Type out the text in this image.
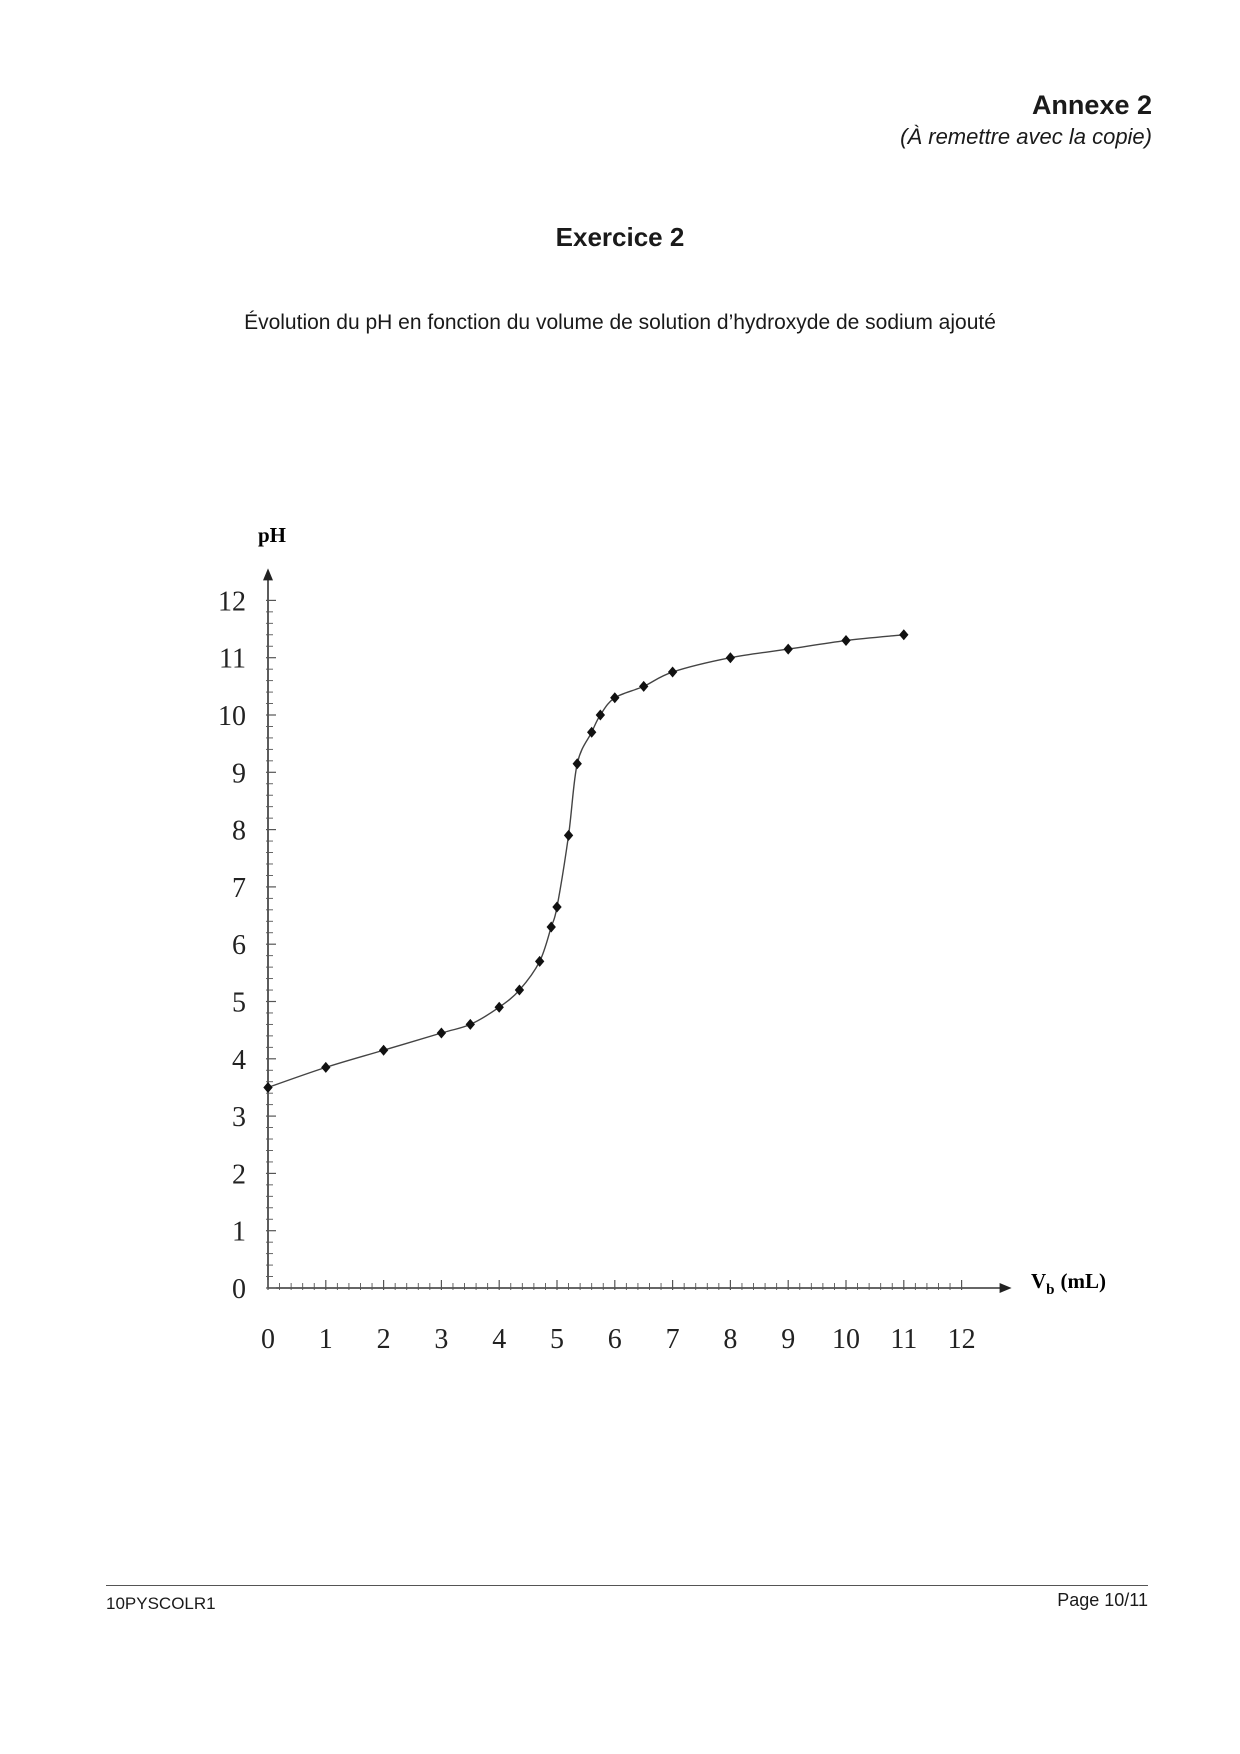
Annexe 2
(À remettre avec la copie)
Exercice 2
Évolution du pH en fonction du volume de solution d’hydroxyde de sodium ajouté
0 1 2 3 4 5 6 7 8 9 10 11 12
0
1
2
3
4
5
6
7
8
9
10
11
12
pH
$V_b$ (mL)
10PYSCOLR1	Page 10/11
